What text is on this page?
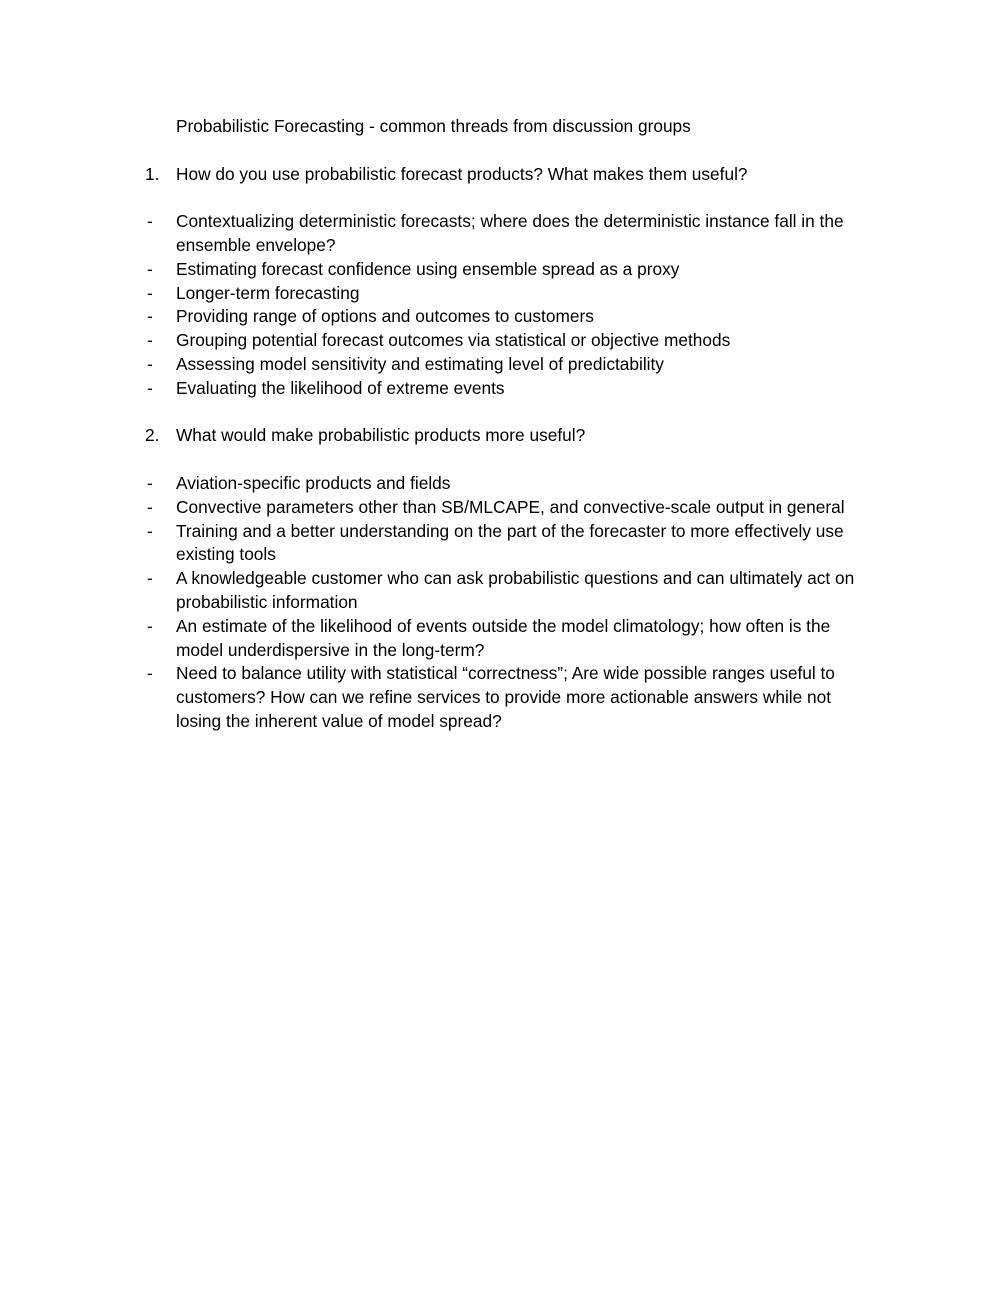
Probabilistic Forecasting - common threads from discussion groups
1. How do you use probabilistic forecast products? What makes them useful?
- Contextualizing deterministic forecasts; where does the deterministic instance fall in the ensemble envelope?
- Estimating forecast confidence using ensemble spread as a proxy
- Longer-term forecasting
- Providing range of options and outcomes to customers
- Grouping potential forecast outcomes via statistical or objective methods
- Assessing model sensitivity and estimating level of predictability
- Evaluating the likelihood of extreme events
2. What would make probabilistic products more useful?
- Aviation-specific products and fields
- Convective parameters other than SB/MLCAPE, and convective-scale output in general
- Training and a better understanding on the part of the forecaster to more effectively use existing tools
- A knowledgeable customer who can ask probabilistic questions and can ultimately act on probabilistic information
- An estimate of the likelihood of events outside the model climatology; how often is the model underdispersive in the long-term?
- Need to balance utility with statistical “correctness”; Are wide possible ranges useful to customers? How can we refine services to provide more actionable answers while not losing the inherent value of model spread?
